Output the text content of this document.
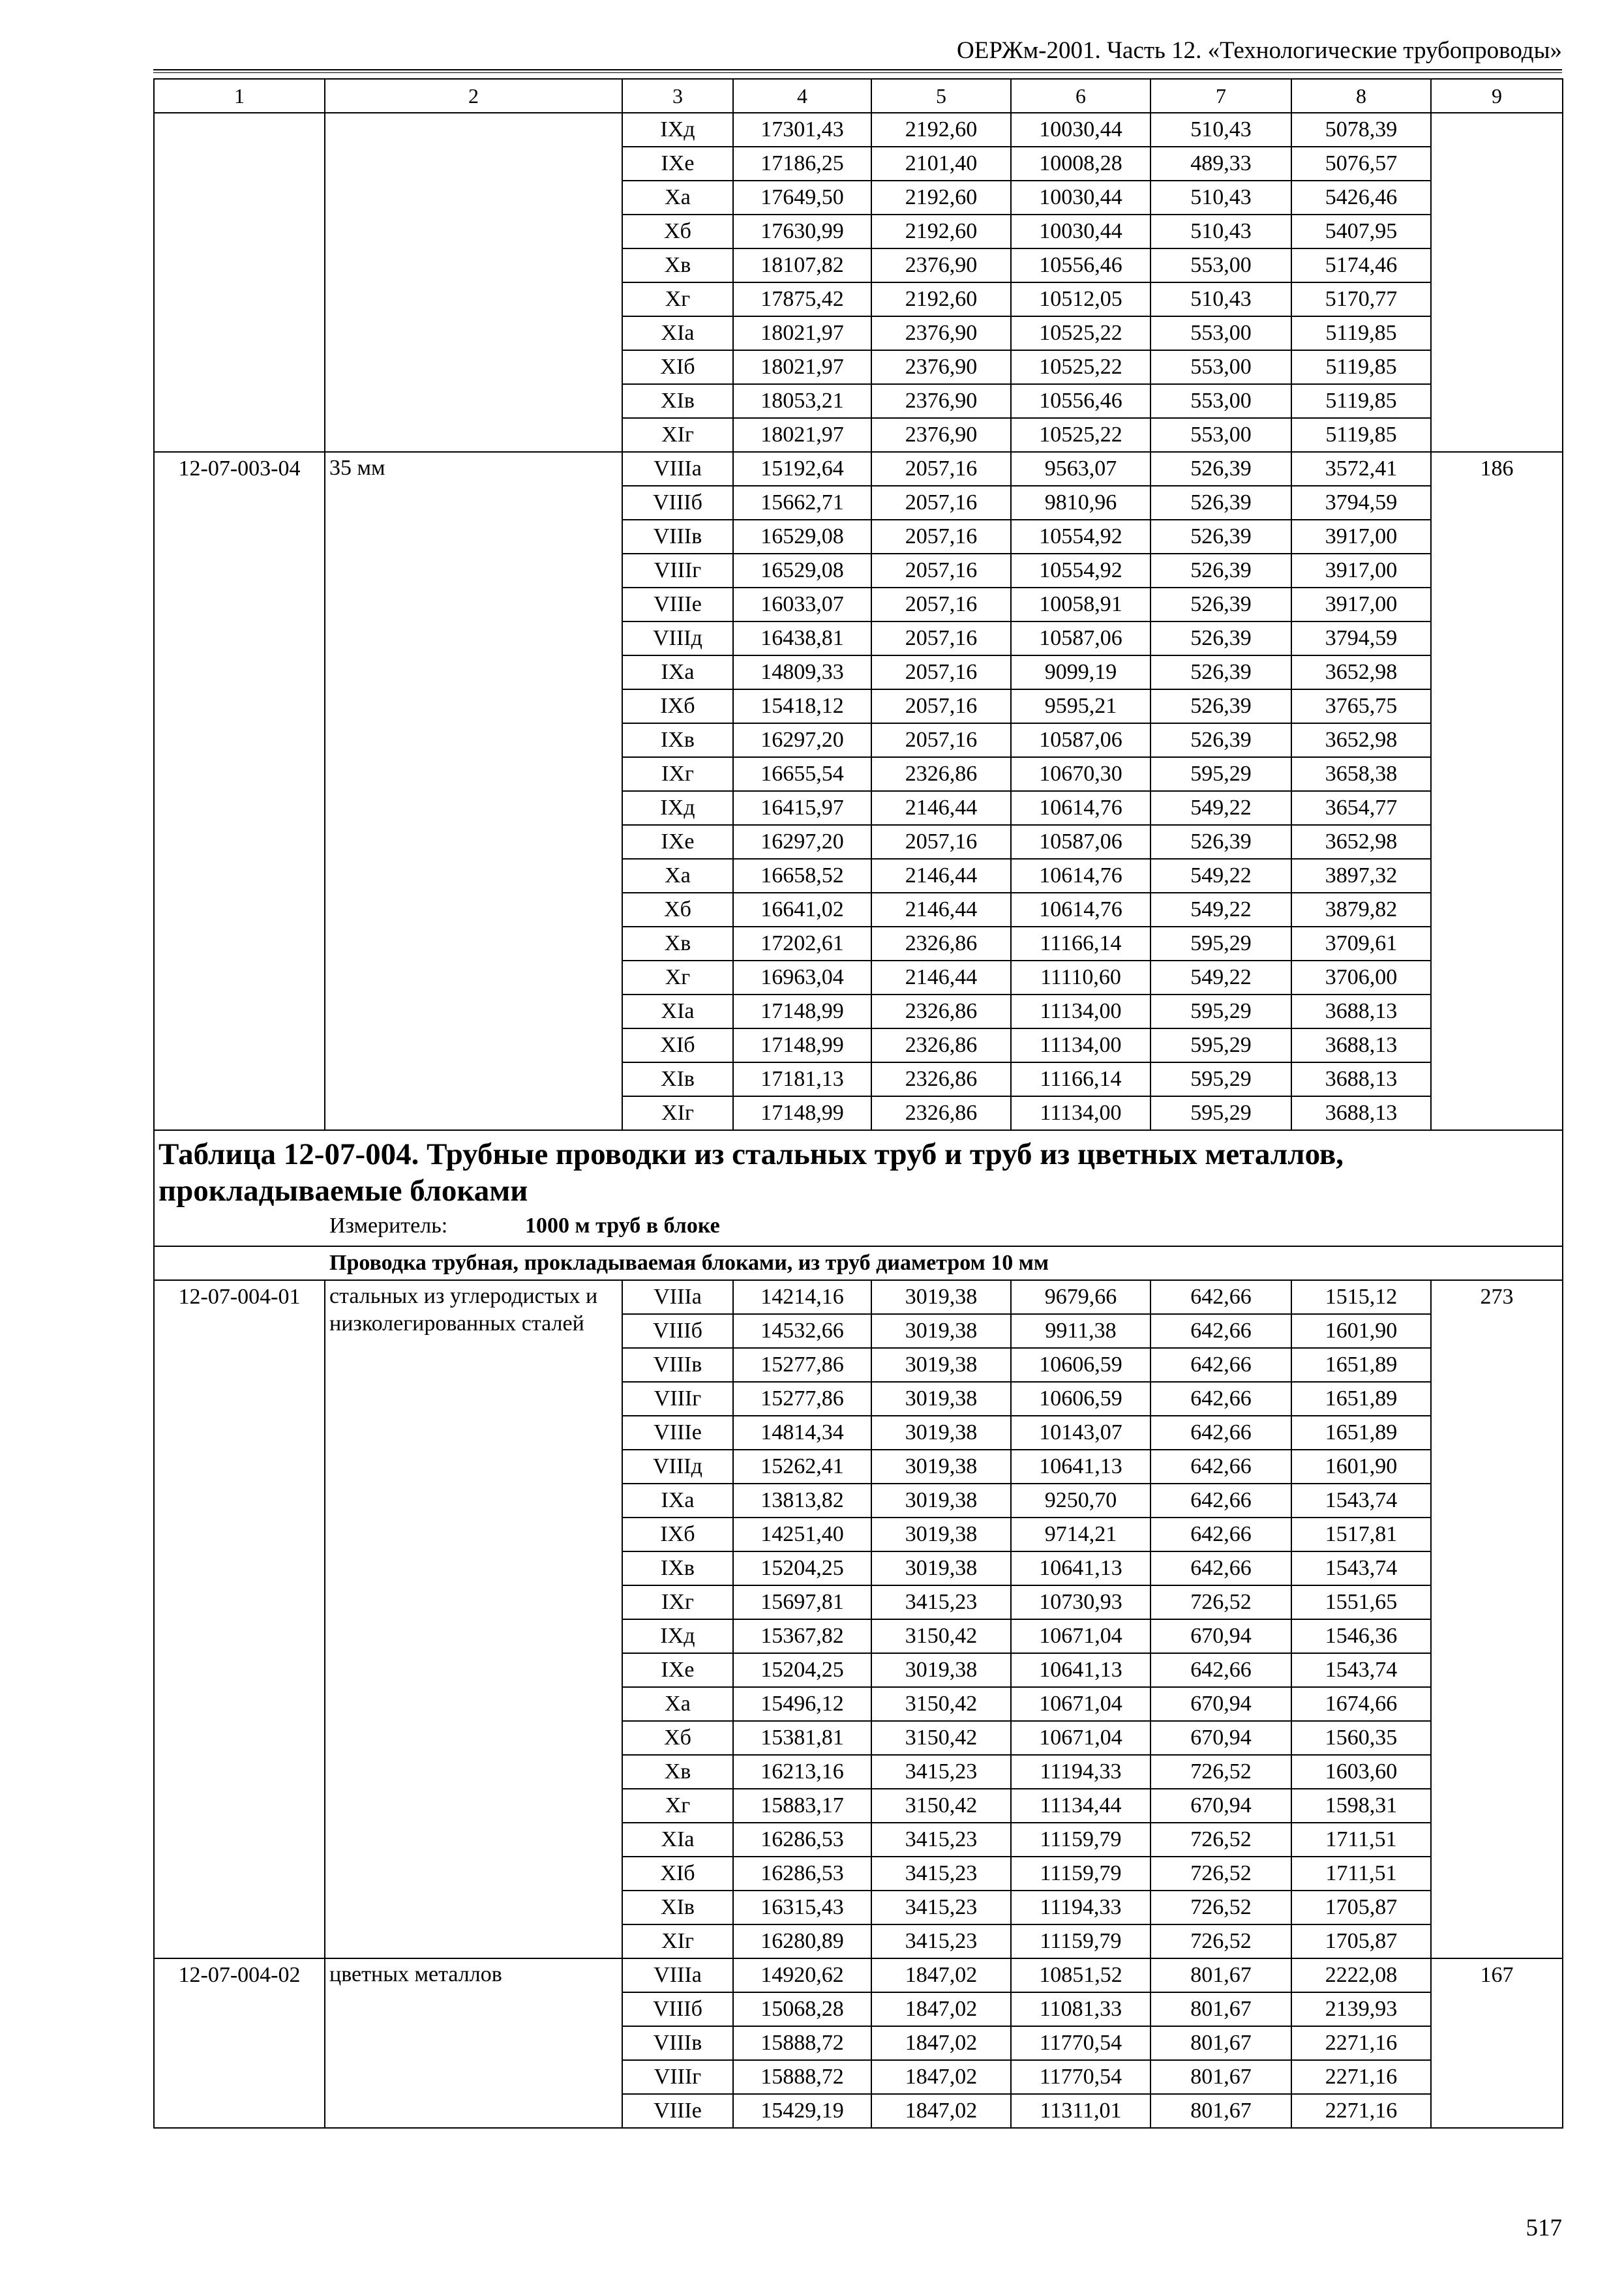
ОЕРЖм-2001. Часть 12. «Технологические трубопроводы»
1	2	3	4	5	6	7	8	9
		IXд	17301,43	2192,60	10030,44	510,43	5078,39	
		IXе	17186,25	2101,40	10008,28	489,33	5076,57	
		Xа	17649,50	2192,60	10030,44	510,43	5426,46	
		Xб	17630,99	2192,60	10030,44	510,43	5407,95	
		Xв	18107,82	2376,90	10556,46	553,00	5174,46	
		Xг	17875,42	2192,60	10512,05	510,43	5170,77	
		XIа	18021,97	2376,90	10525,22	553,00	5119,85	
		XIб	18021,97	2376,90	10525,22	553,00	5119,85	
		XIв	18053,21	2376,90	10556,46	553,00	5119,85	
		XIг	18021,97	2376,90	10525,22	553,00	5119,85	
12-07-003-04	35 мм	VIIIа	15192,64	2057,16	9563,07	526,39	3572,41	186
		VIIIб	15662,71	2057,16	9810,96	526,39	3794,59	
		VIIIв	16529,08	2057,16	10554,92	526,39	3917,00	
		VIIIг	16529,08	2057,16	10554,92	526,39	3917,00	
		VIIIе	16033,07	2057,16	10058,91	526,39	3917,00	
		VIIIд	16438,81	2057,16	10587,06	526,39	3794,59	
		IXа	14809,33	2057,16	9099,19	526,39	3652,98	
		IXб	15418,12	2057,16	9595,21	526,39	3765,75	
		IXв	16297,20	2057,16	10587,06	526,39	3652,98	
		IXг	16655,54	2326,86	10670,30	595,29	3658,38	
		IXд	16415,97	2146,44	10614,76	549,22	3654,77	
		IXе	16297,20	2057,16	10587,06	526,39	3652,98	
		Xа	16658,52	2146,44	10614,76	549,22	3897,32	
		Xб	16641,02	2146,44	10614,76	549,22	3879,82	
		Xв	17202,61	2326,86	11166,14	595,29	3709,61	
		Xг	16963,04	2146,44	11110,60	549,22	3706,00	
		XIа	17148,99	2326,86	11134,00	595,29	3688,13	
		XIб	17148,99	2326,86	11134,00	595,29	3688,13	
		XIв	17181,13	2326,86	11166,14	595,29	3688,13	
		XIг	17148,99	2326,86	11134,00	595,29	3688,13	

Таблица 12-07-004. Трубные проводки из стальных труб и труб из цветных металлов, прокладываемые блоками
Измеритель: 1000 м труб в блоке								

Проводка трубная, прокладываемая блоками, из труб диаметром 10 мм								
12-07-004-01	стальных из углеродистых и низколегированных сталей	VIIIа	14214,16	3019,38	9679,66	642,66	1515,12	273
		VIIIб	14532,66	3019,38	9911,38	642,66	1601,90	
		VIIIв	15277,86	3019,38	10606,59	642,66	1651,89	
		VIIIг	15277,86	3019,38	10606,59	642,66	1651,89	
		VIIIе	14814,34	3019,38	10143,07	642,66	1651,89	
		VIIIд	15262,41	3019,38	10641,13	642,66	1601,90	
		IXа	13813,82	3019,38	9250,70	642,66	1543,74	
		IXб	14251,40	3019,38	9714,21	642,66	1517,81	
		IXв	15204,25	3019,38	10641,13	642,66	1543,74	
		IXг	15697,81	3415,23	10730,93	726,52	1551,65	
		IXд	15367,82	3150,42	10671,04	670,94	1546,36	
		IXе	15204,25	3019,38	10641,13	642,66	1543,74	
		Xа	15496,12	3150,42	10671,04	670,94	1674,66	
		Xб	15381,81	3150,42	10671,04	670,94	1560,35	
		Xв	16213,16	3415,23	11194,33	726,52	1603,60	
		Xг	15883,17	3150,42	11134,44	670,94	1598,31	
		XIа	16286,53	3415,23	11159,79	726,52	1711,51	
		XIб	16286,53	3415,23	11159,79	726,52	1711,51	
		XIв	16315,43	3415,23	11194,33	726,52	1705,87	
		XIг	16280,89	3415,23	11159,79	726,52	1705,87	
12-07-004-02	цветных металлов	VIIIа	14920,62	1847,02	10851,52	801,67	2222,08	167
		VIIIб	15068,28	1847,02	11081,33	801,67	2139,93	
		VIIIв	15888,72	1847,02	11770,54	801,67	2271,16	
		VIIIг	15888,72	1847,02	11770,54	801,67	2271,16	
		VIIIе	15429,19	1847,02	11311,01	801,67	2271,16	
517
